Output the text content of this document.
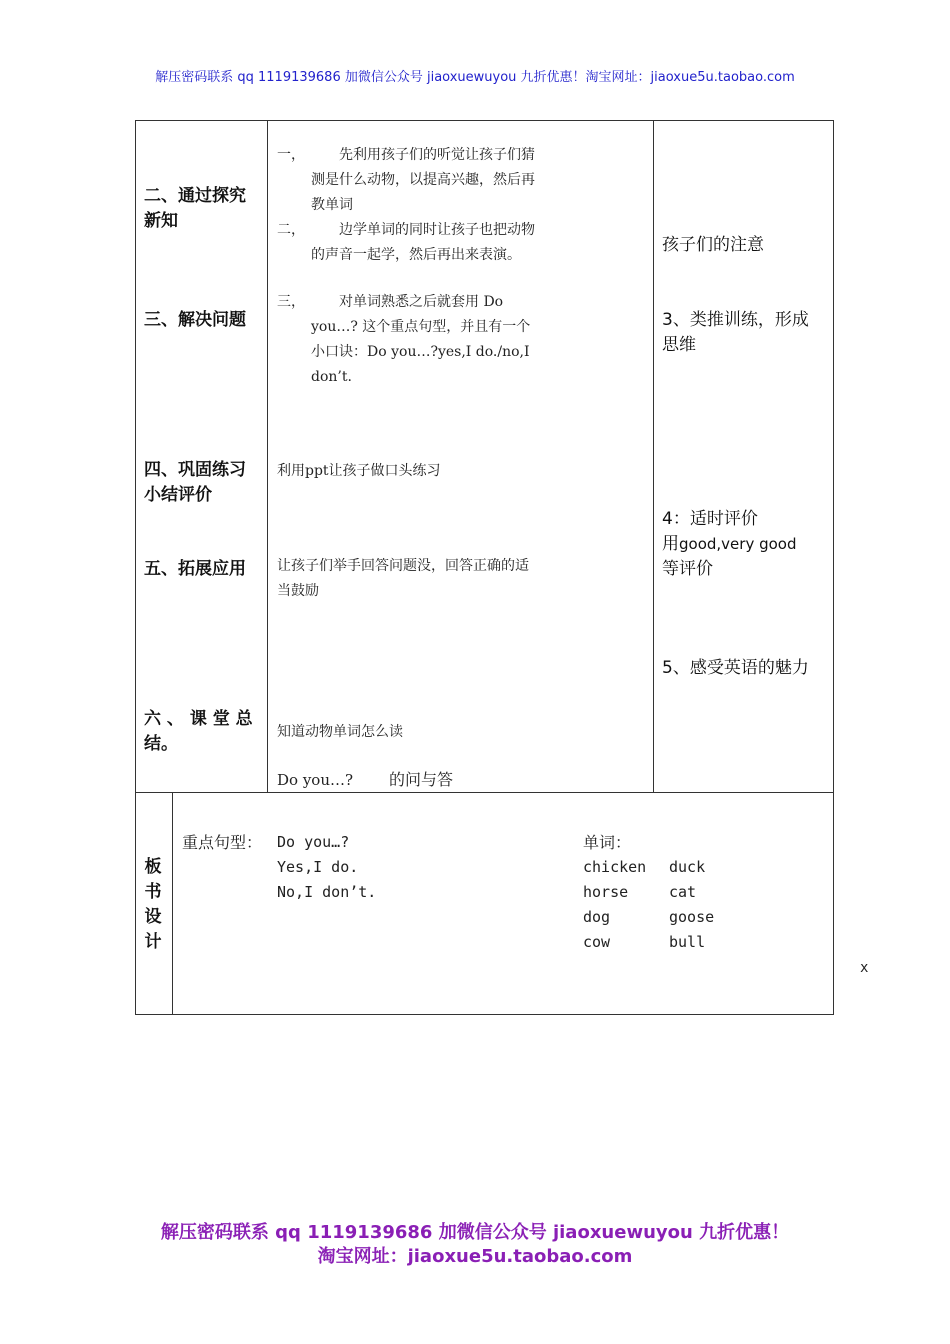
解压密码联系 qq 1119139686 加微信公众号 jiaoxuewuyou 九折优惠！淘宝网址：jiaoxue5u.taobao.com
二、通过探究
新知
三、解决问题
四、巩固练习
小结评价
五、拓展应用
六 、 课 堂 总
结。
一， 先利用孩子们的听觉让孩子们猜
测是什么动物，以提高兴趣，然后再
教单词
二， 边学单词的同时让孩子也把动物
的声音一起学，然后再出来表演。
三， 对单词熟悉之后就套用 Do
you…? 这个重点句型，并且有一个
小口诀：Do you…?yes,I do./no,I
don’t.
利用ppt让孩子做口头练习
让孩子们举手回答问题没，回答正确的适
当鼓励
知道动物单词怎么读
Do you…? 的问与答
孩子们的注意
3、类推训练，形成
思维
4：适时评价
用good,very good
等评价
5、感受英语的魅力
板
书
设
计
重点句型： Do you…?
Yes,I do.
No,I don’t.
单词：
chicken
horse
dog
cow
duck
cat
goose
bull
x
解压密码联系 qq 1119139686 加微信公众号 jiaoxuewuyou 九折优惠！
淘宝网址：jiaoxue5u.taobao.com
